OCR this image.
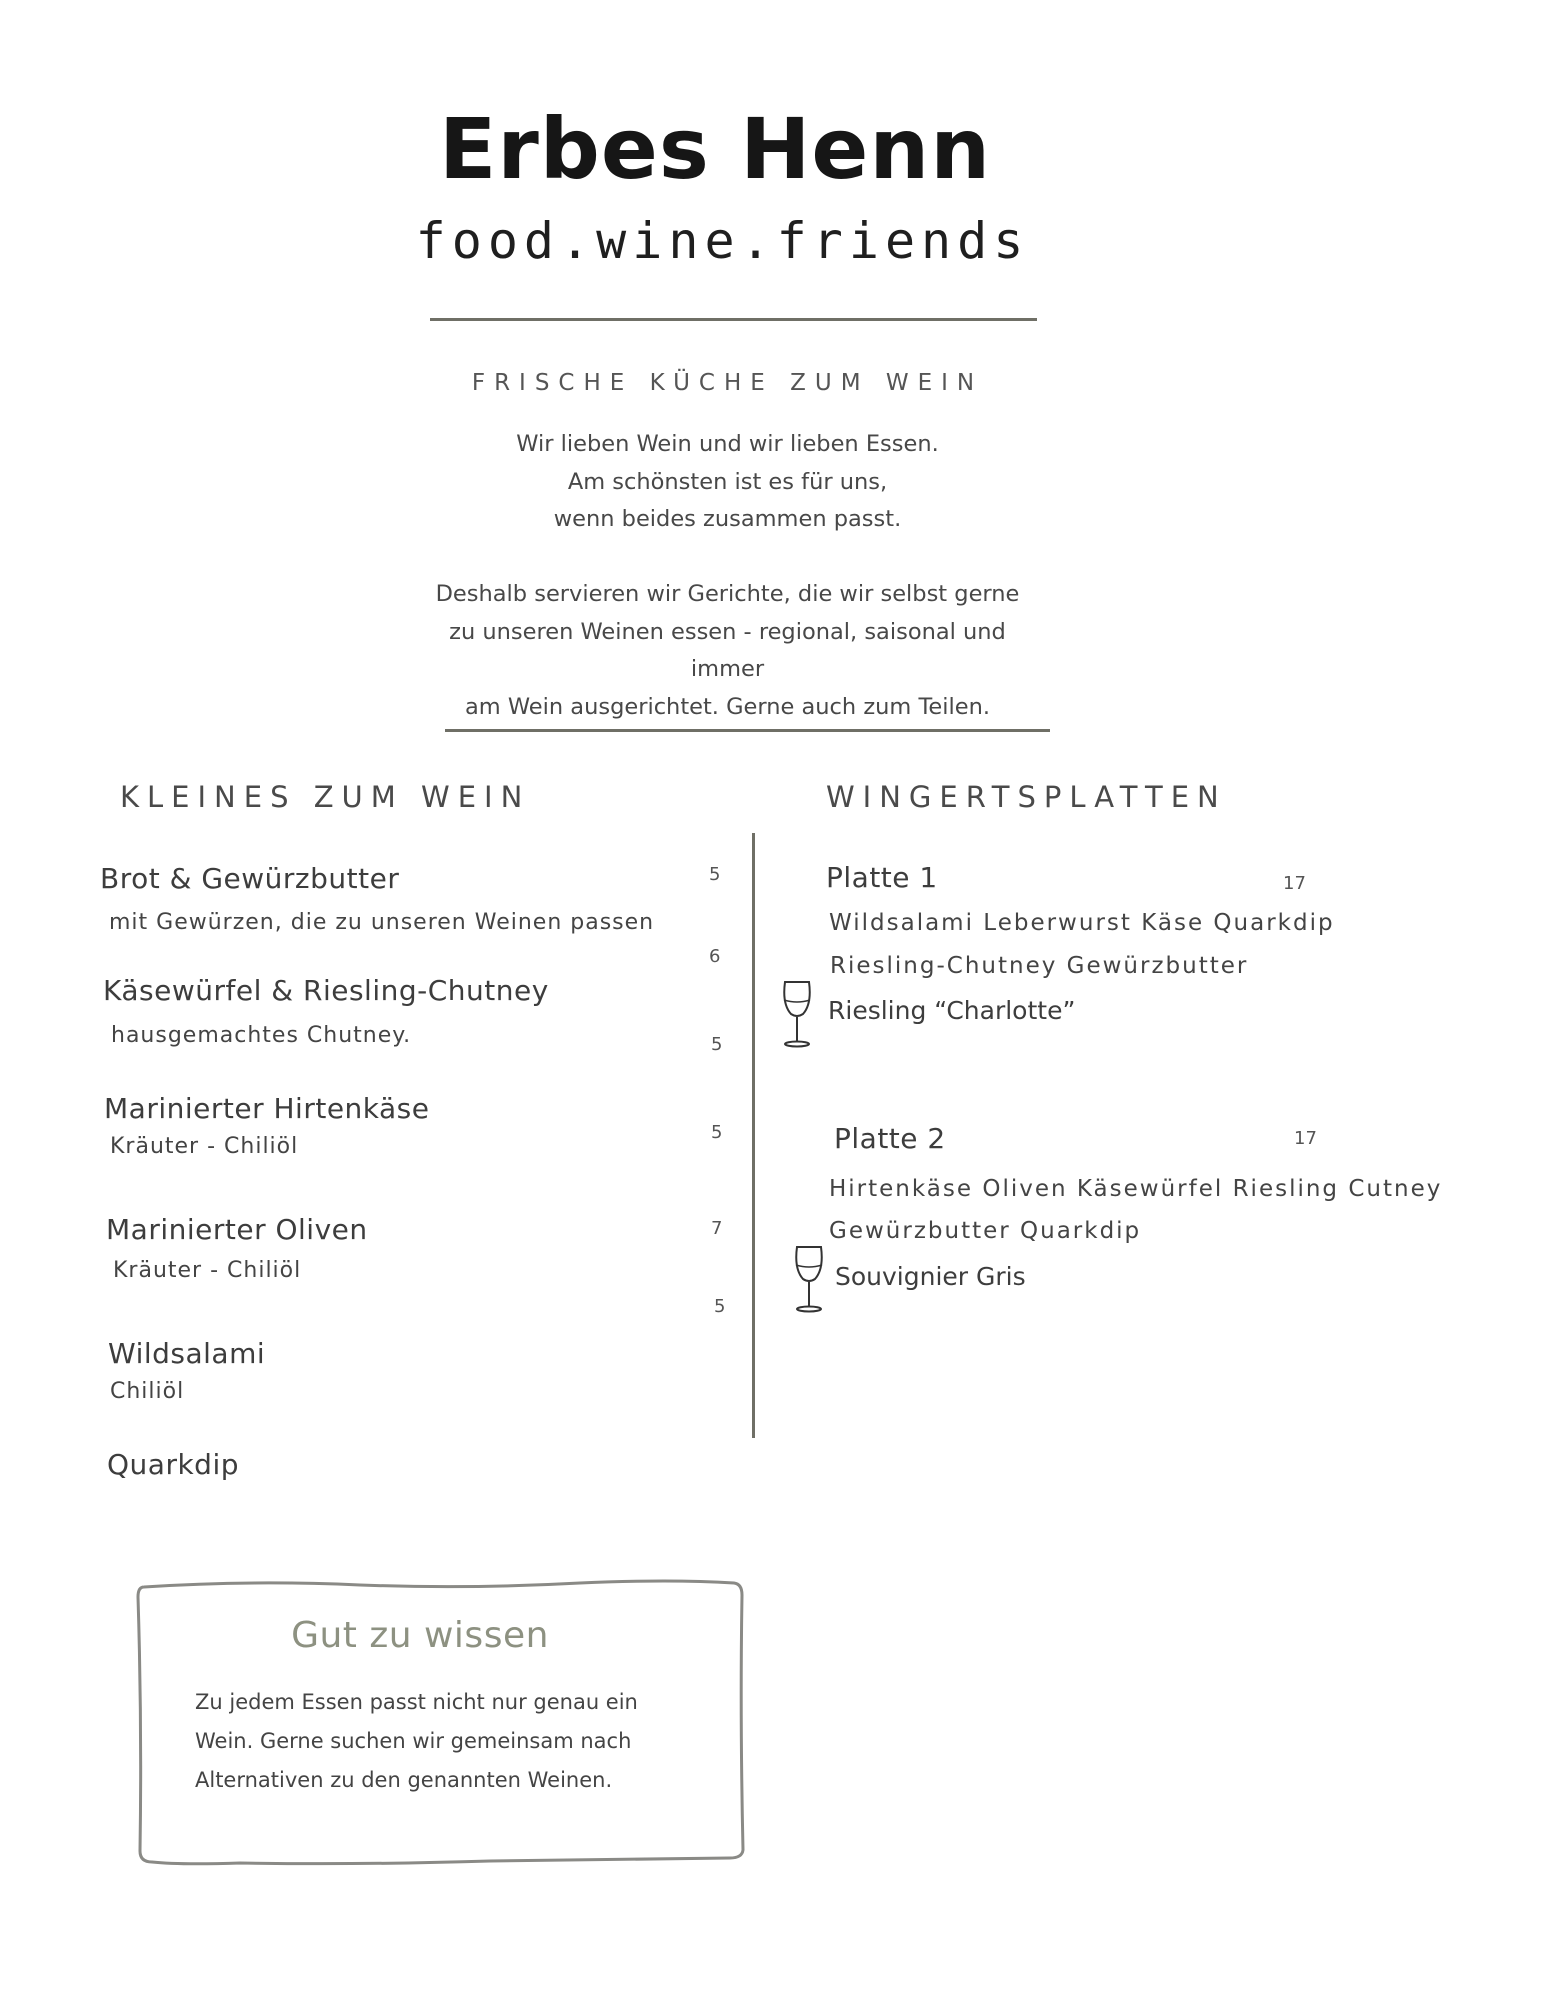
Erbes Henn
food.wine.friends
FRISCHE KÜCHE ZUM WEIN

Wir lieben Wein und wir lieben Essen.

Am schönsten ist es für uns,

wenn beides zusammen passt.

Deshalb servieren wir Gerichte, die wir selbst gerne

zu unseren Weinen essen - regional, saisonal und

immer

am Wein ausgerichtet. Gerne auch zum Teilen.

KLEINES ZUM WEIN
Brot & Gewürzbutter
mit Gewürzen, die zu unseren Weinen passen
Käsewürfel & Riesling-Chutney
hausgemachtes Chutney.
Marinierter Hirtenkäse
Kräuter - Chiliöl
Marinierter Oliven
Kräuter - Chiliöl
Wildsalami
Chiliöl
Quarkdip
5
6
5
5
7
5
WINGERTSPLATTEN
Platte 1	17
Wildsalami Leberwurst Käse Quarkdip
Riesling-Chutney Gewürzbutter
Riesling “Charlotte”
Platte 2	17
Hirtenkäse Oliven Käsewürfel Riesling Cutney
Gewürzbutter Quarkdip
Souvignier Gris
Gut zu wissen

Zu jedem Essen passt nicht nur genau ein

Wein. Gerne suchen wir gemeinsam nach

Alternativen zu den genannten Weinen.
